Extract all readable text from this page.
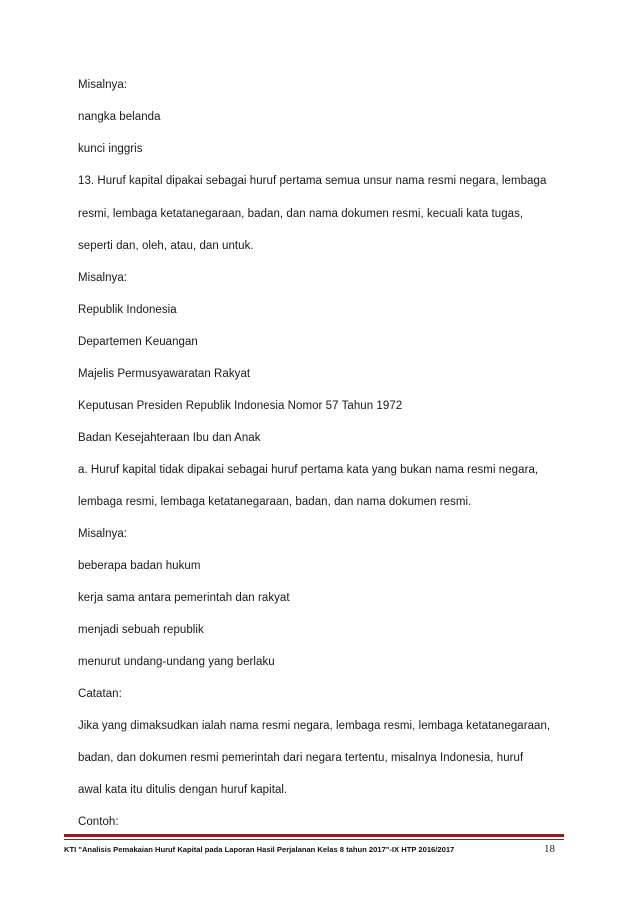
Misalnya:
nangka belanda
kunci inggris
13. Huruf kapital dipakai sebagai huruf pertama semua unsur nama resmi negara, lembaga
resmi, lembaga ketatanegaraan, badan, dan nama dokumen resmi, kecuali kata tugas,
seperti dan, oleh, atau, dan untuk.
Misalnya:
Republik Indonesia
Departemen Keuangan
Majelis Permusyawaratan Rakyat
Keputusan Presiden Republik Indonesia Nomor 57 Tahun 1972
Badan Kesejahteraan Ibu dan Anak
a. Huruf kapital tidak dipakai sebagai huruf pertama kata yang bukan nama resmi negara,
lembaga resmi, lembaga ketatanegaraan, badan, dan nama dokumen resmi.
Misalnya:
beberapa badan hukum
kerja sama antara pemerintah dan rakyat
menjadi sebuah republik
menurut undang-undang yang berlaku
Catatan:
Jika yang dimaksudkan ialah nama resmi negara, lembaga resmi, lembaga ketatanegaraan,
badan, dan dokumen resmi pemerintah dari negara tertentu, misalnya Indonesia, huruf
awal kata itu ditulis dengan huruf kapital.
Contoh:
KTI "Analisis Pemakaian Huruf Kapital pada Laporan Hasil Perjalanan Kelas 8 tahun 2017"-IX HTP 2016/2017	18
